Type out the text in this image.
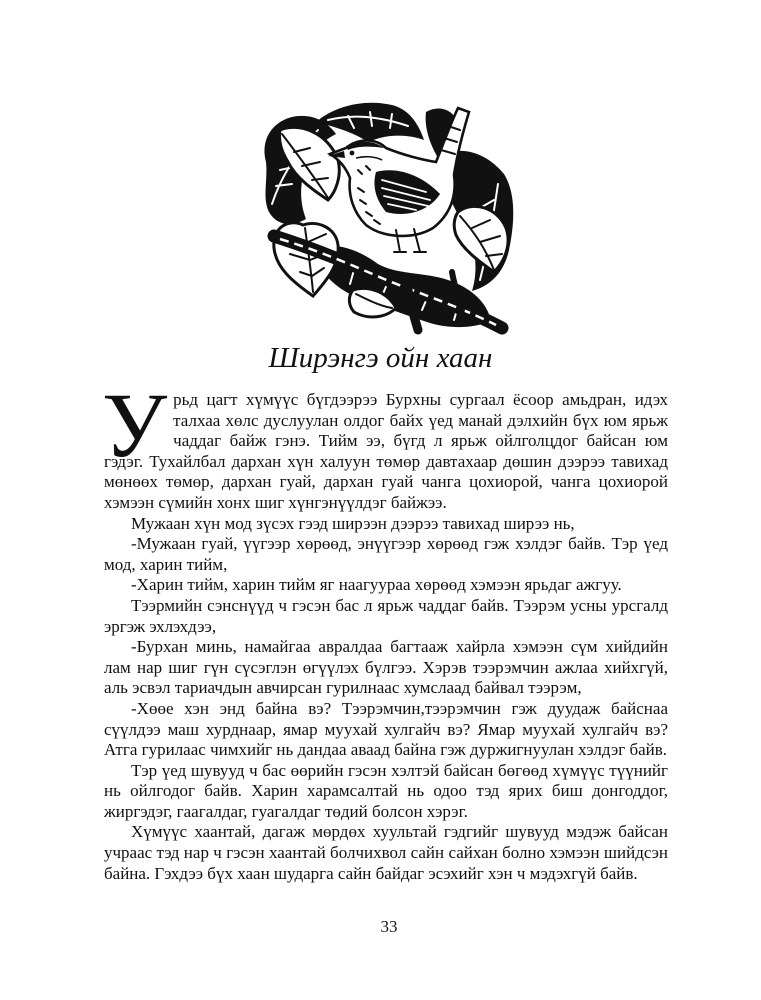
Ширэнгэ ойн хаан

Урьд цагт хүмүүс бүгдээрээ Бурхны сургаал ёсоор амьдран, идэх талхаа хөлс дуслуулан олдог байх үед манай дэлхийн бүх юм ярьж чаддаг байж гэнэ. Тийм ээ, бүгд л ярьж ойлголцдог байсан юм гэдэг. Тухайлбал дархан хүн халуун төмөр давтахаар дөшин дээрээ тавихад мөнөөх төмөр, дархан гуай, дархан гуай чанга цохиорой, чанга цохиорой хэмээн сүмийн хонх шиг хүнгэнүүлдэг байжээ.

Мужаан хүн мод зүсэх гээд ширээн дээрээ тавихад ширээ нь,

-Мужаан гуай, үүгээр хөрөөд, энүүгээр хөрөөд гэж хэлдэг байв. Тэр үед мод, харин тийм,

-Харин тийм, харин тийм яг наагуураа хөрөөд хэмээн ярьдаг ажгуу.

Тээрмийн сэнснүүд ч гэсэн бас л ярьж чаддаг байв. Тээрэм усны урсгалд эргэж эхлэхдээ,

-Бурхан минь, намайгаа авралдаа багтааж хайрла хэмээн сүм хийдийн лам нар шиг гүн сүсэглэн өгүүлэх бүлгээ. Хэрэв тээрэмчин ажлаа хийхгүй, аль эсвэл тариачдын авчирсан гурилнаас хумслаад байвал тээрэм,

-Хөөе хэн энд байна вэ? Тээрэмчин,тээрэмчин гэж дуудаж байснаа сүүлдээ маш хурднаар, ямар муухай хулгайч вэ? Ямар муухай хулгайч вэ? Атга гурилаас чимхийг нь дандаа аваад байна гэж дуржигнуулан хэлдэг байв.

Тэр үед шувууд ч бас өөрийн гэсэн хэлтэй байсан бөгөөд хүмүүс түүнийг нь ойлгодог байв. Харин харамсалтай нь одоо тэд ярих биш донгоддог, жиргэдэг, гаагалдаг, гуагалдаг төдий болсон хэрэг.

Хүмүүс хаантай, дагаж мөрдөх хуультай гэдгийг шувууд мэдэж байсан учраас тэд нар ч гэсэн хаантай болчихвол сайн сайхан болно хэмээн шийдсэн байна. Гэхдээ бүх хаан шударга сайн байдаг эсэхийг хэн ч мэдэхгүй байв.

33
